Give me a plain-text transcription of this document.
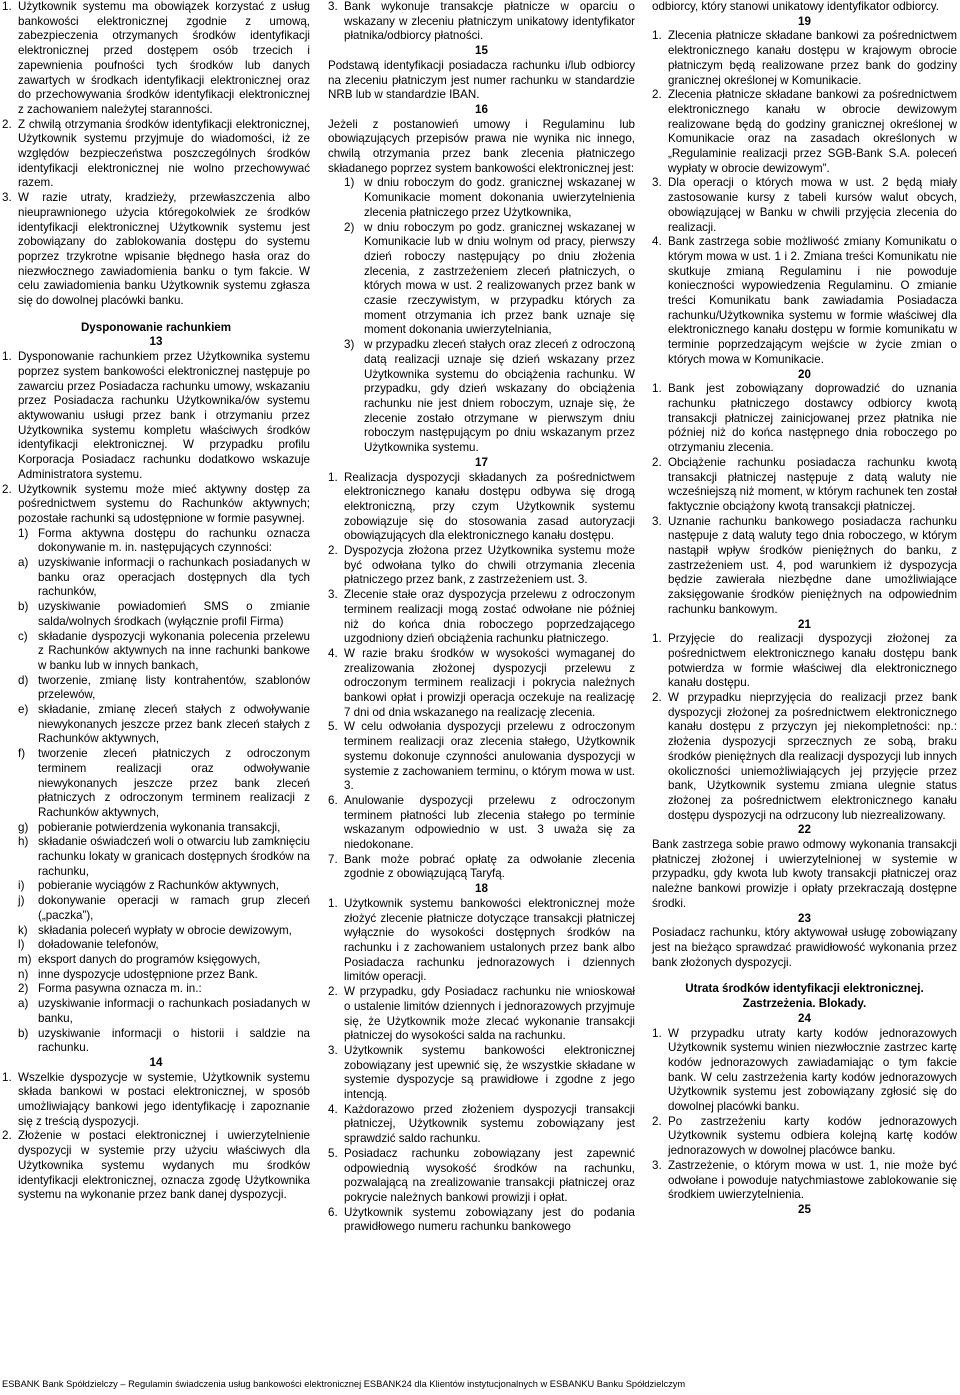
1. Użytkownik systemu ma obowiązek korzystać z usług bankowości elektronicznej zgodnie z umową, zabezpieczenia otrzymanych środków identyfikacji elektronicznej przed dostępem osób trzecich i zapewnienia poufności tych środków lub danych zawartych w środkach identyfikacji elektronicznej oraz do przechowywania środków identyfikacji elektronicznej z zachowaniem należytej staranności.
2. Z chwilą otrzymania środków identyfikacji elektronicznej, Użytkownik systemu przyjmuje do wiadomości, iż ze względów bezpieczeństwa poszczególnych środków identyfikacji elektronicznej nie wolno przechowywać razem.
3. W razie utraty, kradzieży, przewłaszczenia albo nieuprawnionego użycia któregokolwiek ze środków identyfikacji elektronicznej Użytkownik systemu jest zobowiązany do zablokowania dostępu do systemu poprzez trzykrotne wpisanie błędnego hasła oraz do niezwłocznego zawiadomienia banku o tym fakcie. W celu zawiadomienia banku Użytkownik systemu zgłasza się do dowolnej placówki banku.
Dysponowanie rachunkiem
13
1. Dysponowanie rachunkiem przez Użytkownika systemu poprzez system bankowości elektronicznej następuje po zawarciu przez Posiadacza rachunku umowy, wskazaniu przez Posiadacza rachunku Użytkownika/ów systemu aktywowaniu usługi przez bank i otrzymaniu przez Użytkownika systemu kompletu właściwych środków identyfikacji elektronicznej. W przypadku profilu Korporacja Posiadacz rachunku dodatkowo wskazuje Administratora systemu.
2. Użytkownik systemu może mieć aktywny dostęp za pośrednictwem systemu do Rachunków aktywnych; pozostałe rachunki są udostępnione w formie pasywnej.
1) Forma aktywna dostępu do rachunku oznacza dokonywanie m. in. następujących czynności:
a) uzyskiwanie informacji o rachunkach posiadanych w banku oraz operacjach dostępnych dla tych rachunków,
b) uzyskiwanie powiadomień SMS o zmianie salda/wolnych środkach (wyłącznie profil Firma)
c) składanie dyspozycji wykonania polecenia przelewu z Rachunków aktywnych na inne rachunki bankowe w banku lub w innych bankach,
d) tworzenie, zmianę listy kontrahentów, szablonów przelewów,
e) składanie, zmianę zleceń stałych z odwoływanie niewykonanych jeszcze przez bank zleceń stałych z Rachunków aktywnych,
f)	tworzenie zleceń płatniczych z odroczonym terminem realizacji oraz odwoływanie niewykonanych jeszcze przez bank zleceń płatniczych z odroczonym terminem realizacji z Rachunków aktywnych,
g) pobieranie potwierdzenia wykonania transakcji,
h) składanie oświadczeń woli o otwarciu lub zamknięciu rachunku lokaty w granicach dostępnych środków na rachunku,
i)	pobieranie wyciągów z Rachunków aktywnych,
j)	dokonywanie operacji w ramach grup zleceń („paczka”),
k) składania poleceń wypłaty w obrocie dewizowym,
l)	doładowanie telefonów,
m) eksport danych do programów księgowych,
n) inne dyspozycje udostępnione przez Bank.
2) Forma pasywna oznacza m. in.:
a) uzyskiwanie informacji o rachunkach posiadanych w banku,
b) uzyskiwanie informacji o historii i saldzie na rachunku.
14
1. Wszelkie dyspozycje w systemie, Użytkownik systemu składa bankowi w postaci elektronicznej, w sposób umożliwiający bankowi jego identyfikację i zapoznanie się z treścią dyspozycji.
2. Złożenie w postaci elektronicznej i uwierzytelnienie dyspozycji w systemie przy użyciu właściwych dla Użytkownika systemu wydanych mu środków identyfikacji elektronicznej, oznacza zgodę Użytkownika systemu na wykonanie przez bank danej dyspozycji.
3. Bank wykonuje transakcje płatnicze w oparciu o wskazany w zleceniu płatniczym unikatowy identyfikator płatnika/odbiorcy płatności.
15

Podstawą identyfikacji posiadacza rachunku i/lub odbiorcy na zleceniu płatniczym jest numer rachunku w standardzie NRB lub w standardzie IBAN.

16

Jeżeli z postanowień umowy i Regulaminu lub obowiązujących przepisów prawa nie wynika nic innego, chwilą otrzymania przez bank zlecenia płatniczego składanego poprzez system bankowości elektronicznej jest:

1) w dniu roboczym do godz. granicznej wskazanej w Komunikacie moment dokonania uwierzytelnienia zlecenia płatniczego przez Użytkownika,
2) w dniu roboczym po godz. granicznej wskazanej w Komunikacie lub w dniu wolnym od pracy, pierwszy dzień roboczy następujący po dniu złożenia zlecenia, z zastrzeżeniem zleceń płatniczych, o których mowa w ust. 2 realizowanych przez bank w czasie rzeczywistym, w przypadku których za moment otrzymania ich przez bank uznaje się moment dokonania uwierzytelniania,
3) w przypadku zleceń stałych oraz zleceń z odroczoną datą realizacji uznaje się dzień wskazany przez Użytkownika systemu do obciążenia rachunku. W przypadku, gdy dzień wskazany do obciążenia rachunku nie jest dniem roboczym, uznaje się, że zlecenie zostało otrzymane w pierwszym dniu roboczym następującym po dniu wskazanym przez Użytkownika systemu.
17
1. Realizacja dyspozycji składanych za pośrednictwem elektronicznego kanału dostępu odbywa się drogą elektroniczną, przy czym Użytkownik systemu zobowiązuje się do stosowania zasad autoryzacji obowiązujących dla elektronicznego kanału dostępu.
2. Dyspozycja złożona przez Użytkownika systemu może być odwołana tylko do chwili otrzymania zlecenia płatniczego przez bank, z zastrzeżeniem ust. 3.
3. Zlecenie stałe oraz dyspozycja przelewu z odroczonym terminem realizacji mogą zostać odwołane nie później niż do końca dnia roboczego poprzedzającego uzgodniony dzień obciążenia rachunku płatniczego.
4. W razie braku środków w wysokości wymaganej do zrealizowania złożonej dyspozycji przelewu z odroczonym terminem realizacji i pokrycia należnych bankowi opłat i prowizji operacja oczekuje na realizację 7 dni od dnia wskazanego na realizację zlecenia.
5. W celu odwołania dyspozycji przelewu z odroczonym terminem realizacji oraz zlecenia stałego, Użytkownik systemu dokonuje czynności anulowania dyspozycji w systemie z zachowaniem terminu, o którym mowa w ust. 3.
6. Anulowanie dyspozycji przelewu z odroczonym terminem płatności lub zlecenia stałego po terminie wskazanym odpowiednio w ust. 3 uważa się za niedokonane.
7. Bank może pobrać opłatę za odwołanie zlecenia zgodnie z obowiązującą Taryfą.
18
1. Użytkownik systemu bankowości elektronicznej może złożyć zlecenie płatnicze dotyczące transakcji płatniczej wyłącznie do wysokości dostępnych środków na rachunku i z zachowaniem ustalonych przez bank albo Posiadacza rachunku jednorazowych i dziennych limitów operacji.
2. W przypadku, gdy Posiadacz rachunku nie wnioskował o ustalenie limitów dziennych i jednorazowych przyjmuje się, że Użytkownik może zlecać wykonanie transakcji płatniczej do wysokości salda na rachunku.
3. Użytkownik systemu bankowości elektronicznej zobowiązany jest upewnić się, że wszystkie składane w systemie dyspozycje są prawidłowe i zgodne z jego intencją.
4. Każdorazowo przed złożeniem dyspozycji transakcji płatniczej, Użytkownik systemu zobowiązany jest sprawdzić saldo rachunku.
5. Posiadacz rachunku zobowiązany jest zapewnić odpowiednią wysokość środków na rachunku, pozwalającą na zrealizowanie transakcji płatniczej oraz pokrycie należnych bankowi prowizji i opłat.
6. Użytkownik systemu zobowiązany jest do podania prawidłowego numeru rachunku bankowego

odbiorcy, który stanowi unikatowy identyfikator odbiorcy.

19
1. Zlecenia płatnicze składane bankowi za pośrednictwem elektronicznego kanału dostępu w krajowym obrocie płatniczym będą realizowane przez bank do godziny granicznej określonej w Komunikacie.
2. Zlecenia płatnicze składane bankowi za pośrednictwem elektronicznego kanału w obrocie dewizowym realizowane będą do godziny granicznej określonej w Komunikacie oraz na zasadach określonych w „Regulaminie realizacji przez SGB-Bank S.A. poleceń wypłaty w obrocie dewizowym”.
3. Dla operacji o których mowa w ust. 2 będą miały zastosowanie kursy z tabeli kursów walut obcych, obowiązującej w Banku w chwili przyjęcia zlecenia do realizacji.
4. Bank zastrzega sobie możliwość zmiany Komunikatu o którym mowa w ust. 1 i 2. Zmiana treści Komunikatu nie skutkuje zmianą Regulaminu i nie powoduje konieczności wypowiedzenia Regulaminu. O zmianie treści Komunikatu bank zawiadamia Posiadacza rachunku/Użytkownika systemu w formie właściwej dla elektronicznego kanału dostępu w formie komunikatu w terminie poprzedzającym wejście w życie zmian o których mowa w Komunikacie.
20
1. Bank jest zobowiązany doprowadzić do uznania rachunku płatniczego dostawcy odbiorcy kwotą transakcji płatniczej zainicjowanej przez płatnika nie później niż do końca następnego dnia roboczego po otrzymaniu zlecenia.
2. Obciążenie rachunku posiadacza rachunku kwotą transakcji płatniczej następuje z datą waluty nie wcześniejszą niż moment, w którym rachunek ten został faktycznie obciążony kwotą transakcji płatniczej.
3. Uznanie rachunku bankowego posiadacza rachunku następuje z datą waluty tego dnia roboczego, w którym nastąpił wpływ środków pieniężnych do banku, z zastrzeżeniem ust. 4, pod warunkiem iż dyspozycja będzie zawierała niezbędne dane umożliwiające zaksięgowanie środków pieniężnych na odpowiednim rachunku bankowym.
21
1. Przyjęcie do realizacji dyspozycji złożonej za pośrednictwem elektronicznego kanału dostępu bank potwierdza w formie właściwej dla elektronicznego kanału dostępu.
2. W przypadku nieprzyjęcia do realizacji przez bank dyspozycji złożonej za pośrednictwem elektronicznego kanału dostępu z przyczyn jej niekompletności: np.: złożenia dyspozycji sprzecznych ze sobą, braku środków pieniężnych dla realizacji dyspozycji lub innych okoliczności uniemożliwiających jej przyjęcie przez bank, Użytkownik systemu zmiana ulegnie status złożonej za pośrednictwem elektronicznego kanału dostępu dyspozycji na odrzucony lub niezrealizowany.
22

Bank zastrzega sobie prawo odmowy wykonania transakcji płatniczej złożonej i uwierzytelnionej w systemie w przypadku, gdy kwota lub kwoty transakcji płatniczej oraz należne bankowi prowizje i opłaty przekraczają dostępne środki.

23

Posiadacz rachunku, który aktywował usługę zobowiązany jest na bieżąco sprawdzać prawidłowość wykonania przez bank złożonych dyspozycji.

Utrata środków identyfikacji elektronicznej. Zastrzeżenia. Blokady.
24
1. W przypadku utraty karty kodów jednorazowych Użytkownik systemu winien niezwłocznie zastrzec kartę kodów jednorazowych zawiadamiając o tym fakcie bank. W celu zastrzeżenia karty kodów jednorazowych Użytkownik systemu jest zobowiązany zgłosić się do dowolnej placówki banku.
2. Po zastrzeżeniu karty kodów jednorazowych Użytkownik systemu odbiera kolejną kartę kodów jednorazowych w dowolnej placówce banku.
3. Zastrzeżenie, o którym mowa w ust. 1, nie może być odwołane i powoduje natychmiastowe zablokowanie się środkiem uwierzytelnienia.
25
ESBANK Bank Spółdzielczy – Regulamin świadczenia usług bankowości elektronicznej ESBANK24 dla Klientów instytucjonalnych w ESBANKU Banku Spółdzielczym
